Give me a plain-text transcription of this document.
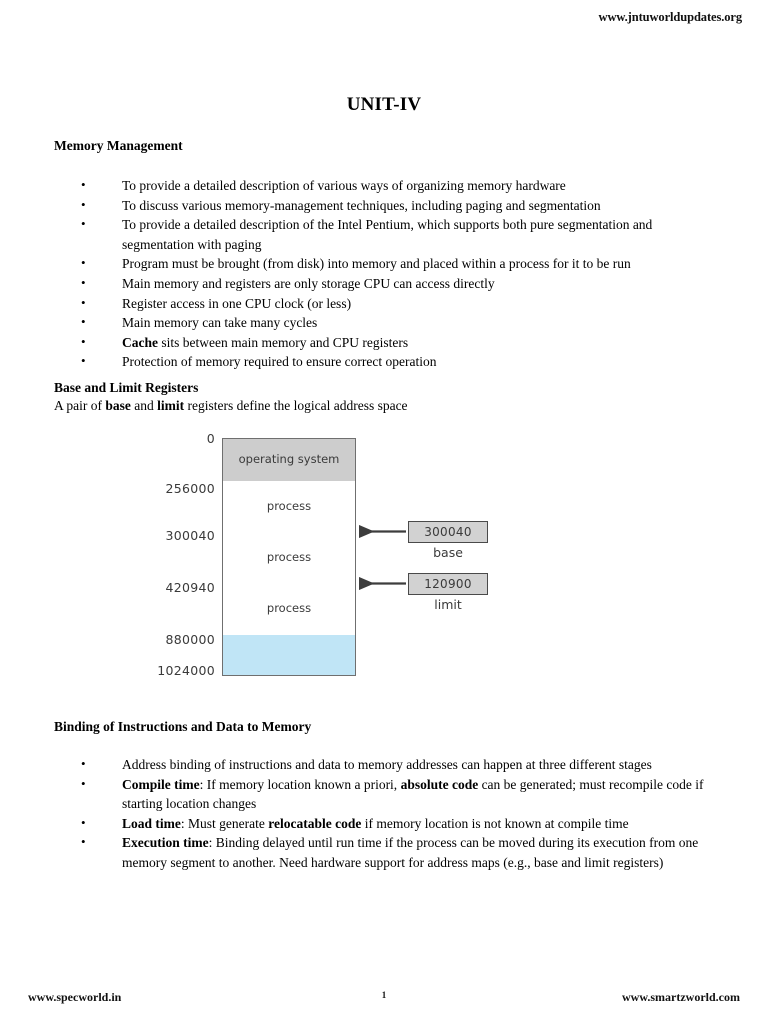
www.jntuworldupdates.org
UNIT-IV
Memory Management
• To provide a detailed description of various ways of organizing memory hardware
• To discuss various memory-management techniques, including paging and segmentation
• To provide a detailed description of the Intel Pentium, which supports both pure segmentation and segmentation with paging
• Program must be brought (from disk) into memory and placed within a process for it to be run
• Main memory and registers are only storage CPU can access directly
• Register access in one CPU clock (or less)
• Main memory can take many cycles
• Cache sits between main memory and CPU registers
• Protection of memory required to ensure correct operation
Base and Limit Registers
A pair of base and limit registers define the logical address space
0
256000
300040
420940
880000
1024000
operating system
process
process
process
300040
base
120900
limit
Binding of Instructions and Data to Memory
• Address binding of instructions and data to memory addresses can happen at three different stages
• Compile time: If memory location known a priori, absolute code can be generated; must recompile code if starting location changes
• Load time: Must generate relocatable code if memory location is not known at compile time
• Execution time: Binding delayed until run time if the process can be moved during its execution from one memory segment to another. Need hardware support for address maps (e.g., base and limit registers)
www.specworld.in	1	www.smartzworld.com
